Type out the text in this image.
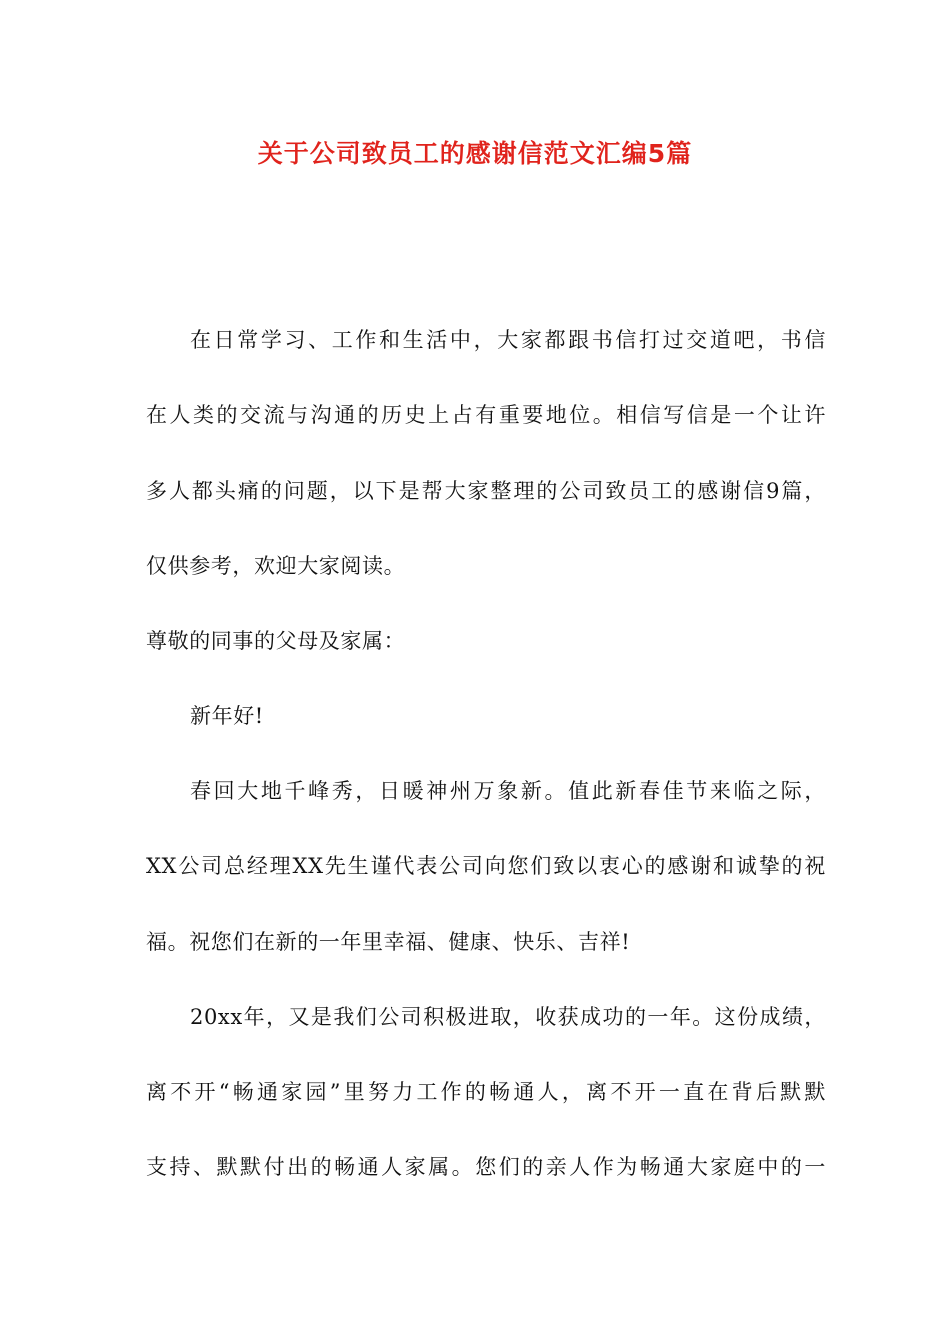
关于公司致员工的感谢信范文汇编5篇
在日常学习、工作和生活中，大家都跟书信打过交道吧，书信
在人类的交流与沟通的历史上占有重要地位。相信写信是一个让许
多人都头痛的问题，以下是帮大家整理的公司致员工的感谢信9篇，
仅供参考，欢迎大家阅读。
尊敬的同事的父母及家属：
新年好!
春回大地千峰秀，日暖神州万象新。值此新春佳节来临之际，
XX公司总经理XX先生谨代表公司向您们致以衷心的感谢和诚挚的祝
福。祝您们在新的一年里幸福、健康、快乐、吉祥!
20xx年，又是我们公司积极进取，收获成功的一年。这份成绩，
离不开“畅通家园”里努力工作的畅通人，离不开一直在背后默默
支持、默默付出的畅通人家属。您们的亲人作为畅通大家庭中的一
